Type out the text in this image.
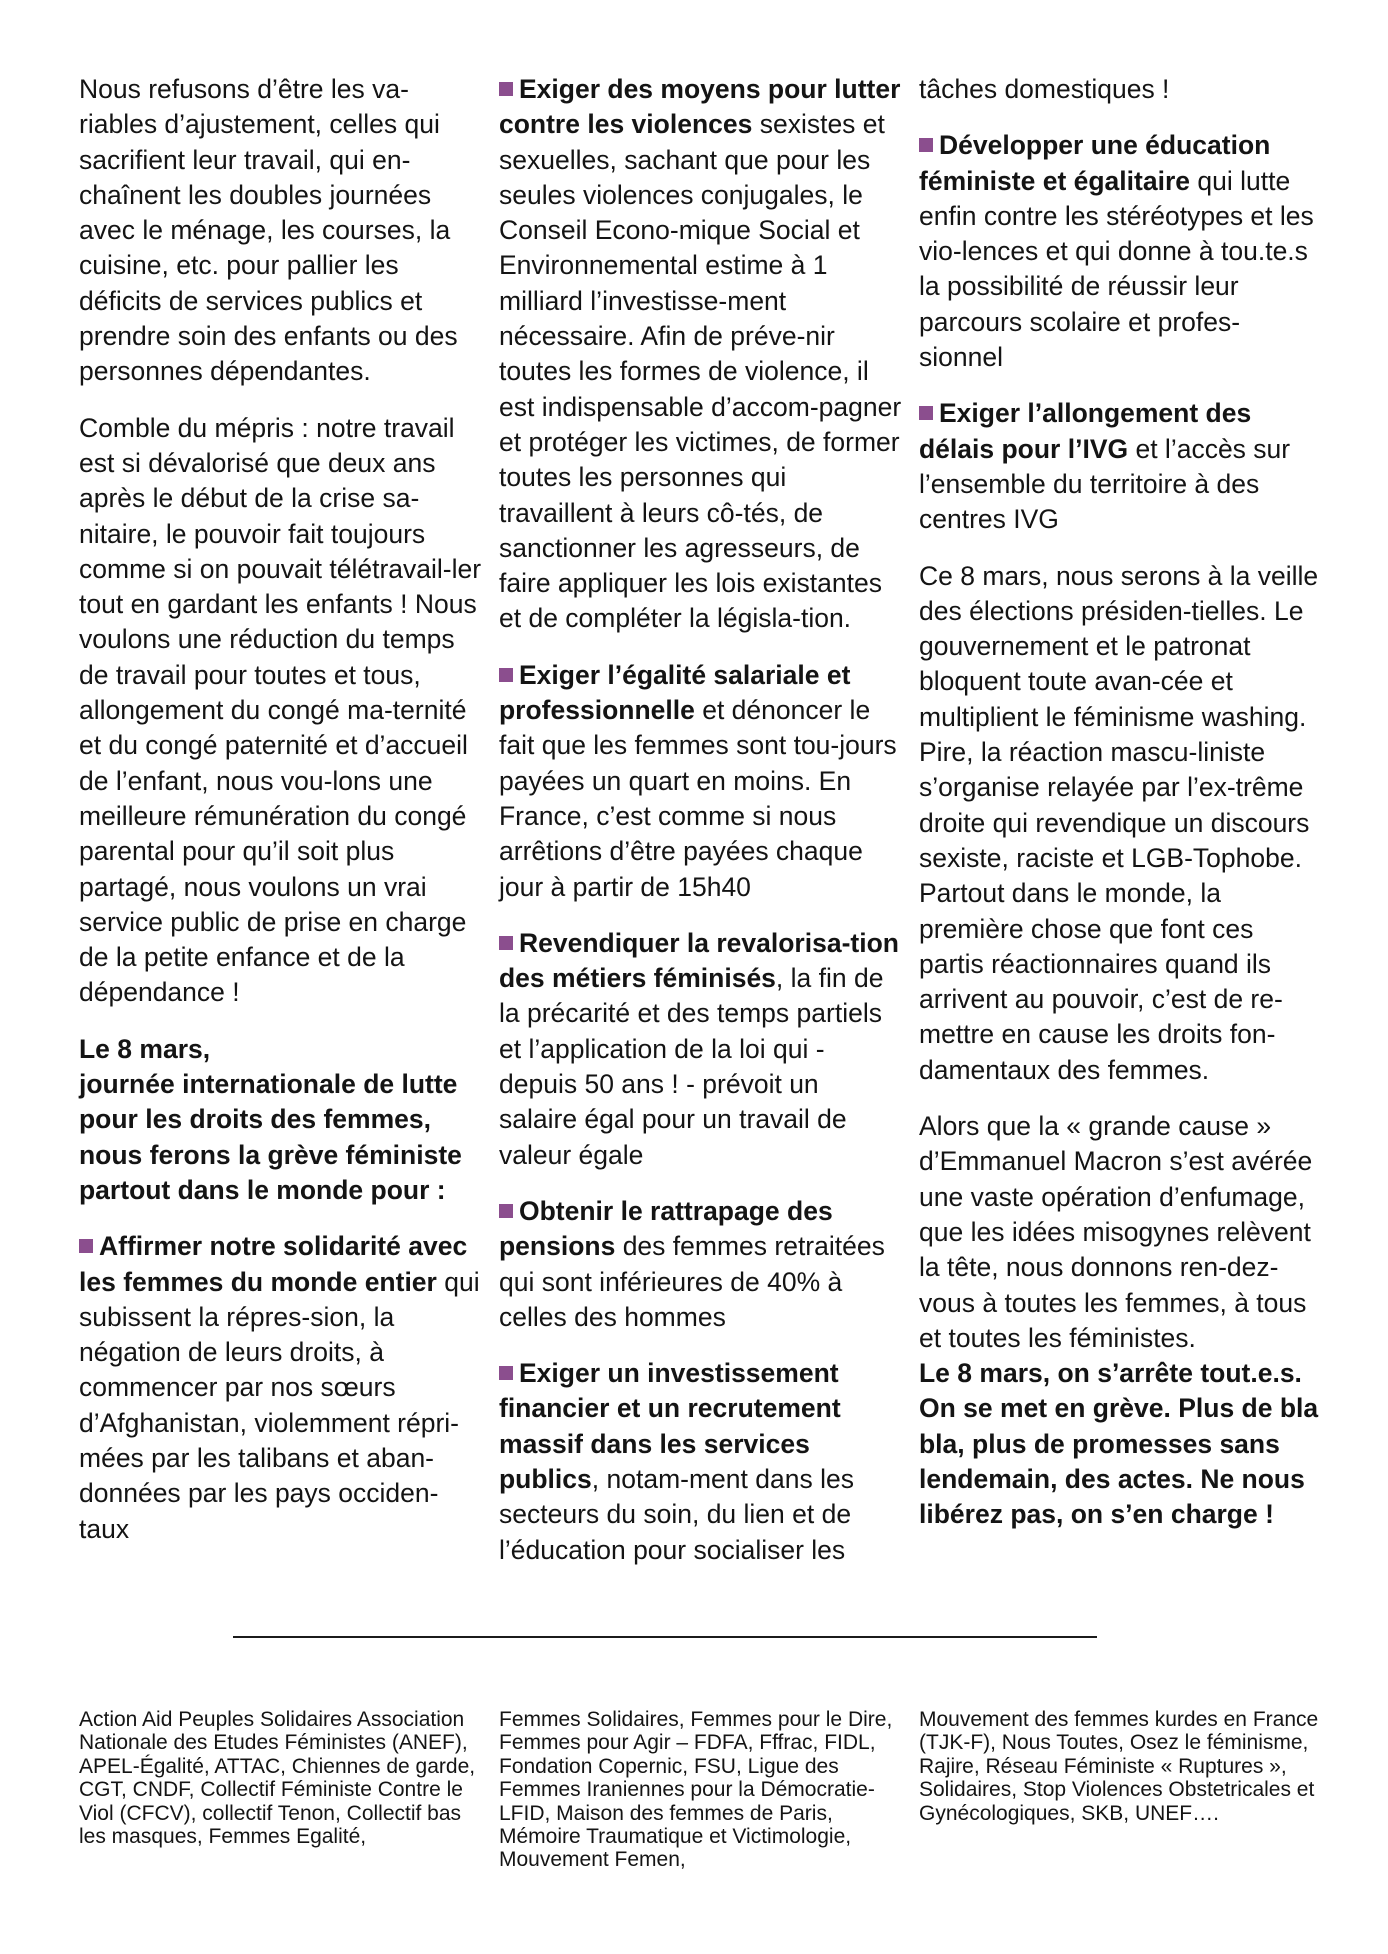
Nous refusons d’être les va-riables d’ajustement, celles qui sacrifient leur travail, qui en-chaînent les doubles journées avec le ménage, les courses, la cuisine, etc. pour pallier les déficits de services publics et prendre soin des enfants ou des personnes dépendantes.

Comble du mépris : notre travail est si dévalorisé que deux ans après le début de la crise sa-nitaire, le pouvoir fait toujours comme si on pouvait télétravail-ler tout en gardant les enfants ! Nous voulons une réduction du temps de travail pour toutes et tous, allongement du congé ma-ternité et du congé paternité et d’accueil de l’enfant, nous vou-lons une meilleure rémunération du congé parental pour qu’il soit plus partagé, nous voulons un vrai service public de prise en charge de la petite enfance et de la dépendance !

Le 8 mars,
journée internationale de lutte pour les droits des femmes, nous ferons la grève féministe partout dans le monde pour :

Affirmer notre solidarité avec les femmes du monde entier qui subissent la répres-sion, la négation de leurs droits, à commencer par nos sœurs d’Afghanistan, violemment répri-mées par les talibans et aban-données par les pays occiden-taux

Exiger des moyens pour lutter contre les violences sexistes et sexuelles, sachant que pour les seules violences conjugales, le Conseil Econo-mique Social et Environnemental estime à 1 milliard l’investisse-ment nécessaire. Afin de préve-nir toutes les formes de violence, il est indispensable d’accom-pagner et protéger les victimes, de former toutes les personnes qui travaillent à leurs cô-tés, de sanctionner les agresseurs, de faire appliquer les lois existantes et de compléter la législa-tion.

Exiger l’égalité salariale et professionnelle et dénoncer le fait que les femmes sont tou-jours payées un quart en moins. En France, c’est comme si nous arrêtions d’être payées chaque jour à partir de 15h40

Revendiquer la revalorisa-tion des métiers féminisés, la fin de la précarité et des temps partiels et l’application de la loi qui - depuis 50 ans ! - prévoit un salaire égal pour un travail de valeur égale

Obtenir le rattrapage des pensions des femmes retraitées qui sont inférieures de 40% à celles des hommes

Exiger un investissement financier et un recrutement massif dans les services publics, notam-ment dans les secteurs du soin, du lien et de l’éducation pour socialiser les

tâches domestiques !

Développer une éducation féministe et égalitaire qui lutte enfin contre les stéréotypes et les vio-lences et qui donne à tou.te.s la possibilité de réussir leur parcours scolaire et profes-sionnel

Exiger l’allongement des délais pour l’IVG et l’accès sur l’ensemble du territoire à des centres IVG

Ce 8 mars, nous serons à la veille des élections présiden-tielles. Le gouvernement et le patronat bloquent toute avan-cée et multiplient le féminisme washing. Pire, la réaction mascu-liniste s’organise relayée par l’ex-trême droite qui revendique un discours sexiste, raciste et LGB-Tophobe. Partout dans le monde, la première chose que font ces partis réactionnaires quand ils arrivent au pouvoir, c’est de re-mettre en cause les droits fon-damentaux des femmes.

Alors que la « grande cause » d’Emmanuel Macron s’est avérée une vaste opération d’enfumage, que les idées misogynes relèvent la tête, nous donnons ren-dez-vous à toutes les femmes, à tous et toutes les féministes.
Le 8 mars, on s’arrête tout.e.s. On se met en grève. Plus de bla bla, plus de promesses sans lendemain, des actes. Ne nous libérez pas, on s’en charge !

Action Aid Peuples Solidaires Association Nationale des Etudes Féministes (ANEF), APEL-Égalité, ATTAC, Chiennes de garde, CGT, CNDF, Collectif Féministe Contre le Viol (CFCV), collectif Tenon, Collectif bas les masques, Femmes Egalité,
Femmes Solidaires, Femmes pour le Dire, Femmes pour Agir – FDFA, Fffrac, FIDL, Fondation Copernic, FSU, Ligue des Femmes Iraniennes pour la Démocratie-LFID, Maison des femmes de Paris, Mémoire Traumatique et Victimologie, Mouvement Femen,
Mouvement des femmes kurdes en France (TJK-F), Nous Toutes, Osez le féminisme, Rajire, Réseau Féministe « Ruptures », Solidaires, Stop Violences Obstetricales et Gynécologiques, SKB, UNEF….
